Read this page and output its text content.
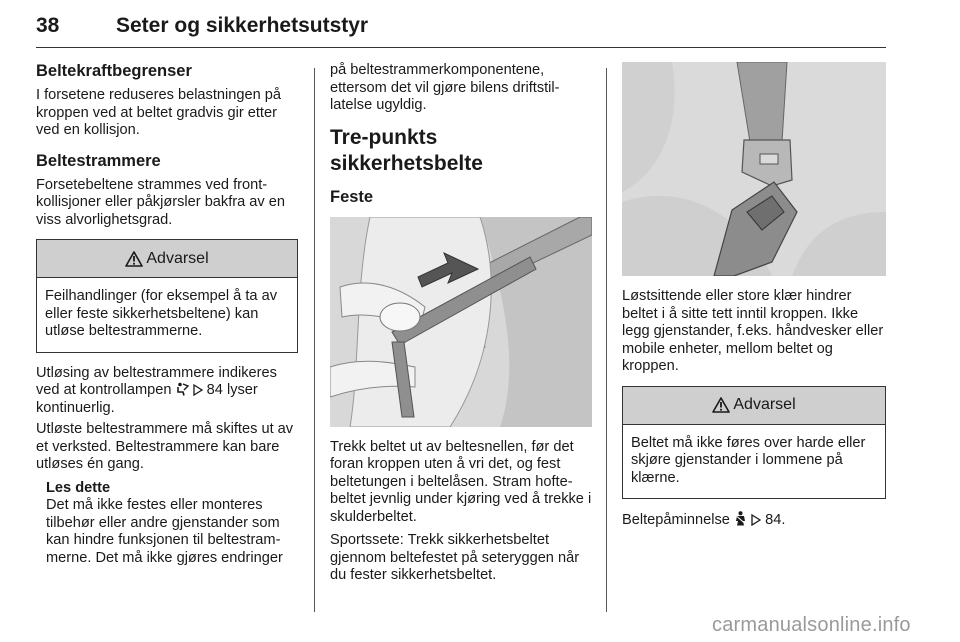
38	Seter og sikkerhetsutstyr
Beltekraftbegrenser

I forsetene reduseres belastningen på kroppen ved at beltet gradvis gir etter ved en kollisjon.

Beltestrammere

Forsetebeltene strammes ved front-kollisjoner eller påkjørsler bakfra av en viss alvorlighetsgrad.

Advarsel
Feilhandlinger (for eksempel å ta av eller feste sikkerhetsbeltene) kan utløse beltestrammerne.

Utløsing av beltestrammere indikeres ved at kontrollampen 84 lyser kontinuerlig.

Utløste beltestrammere må skiftes ut av et verksted. Beltestrammere kan bare utløses én gang.

Les dette

Det må ikke festes eller monteres tilbehør eller andre gjenstander som kan hindre funksjonen til beltestram-merne. Det må ikke gjøres endringer

på beltestrammerkomponentene, ettersom det vil gjøre bilens driftstil-latelse ugyldig.

Tre-punkts sikkerhetsbelte
Feste

Trekk beltet ut av beltesnellen, før det foran kroppen uten å vri det, og fest beltetungen i beltelåsen. Stram hofte-beltet jevnlig under kjøring ved å trekke i skulderbeltet.

Sportssete: Trekk sikkerhetsbeltet gjennom beltefestet på seteryggen når du fester sikkerhetsbeltet.

Løstsittende eller store klær hindrer beltet i å sitte tett inntil kroppen. Ikke legg gjenstander, f.eks. håndvesker eller mobile enheter, mellom beltet og kroppen.

Advarsel
Beltet må ikke føres over harde eller skjøre gjenstander i lommene på klærne.

Beltepåminnelse 84.

carmanualsonline.info
